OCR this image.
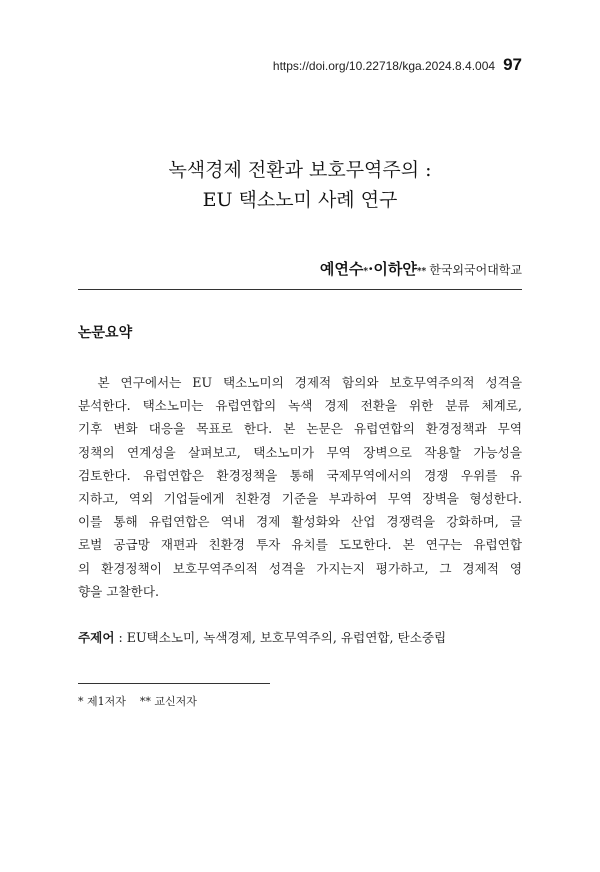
https://doi.org/10.22718/kga.2024.8.4.004 97
녹색경제 전환과 보호무역주의 :
EU 택소노미 사례 연구
예연수 * · 이하얀 ** 한국외국어대학교
논문요약
　본 연구에서는 EU 택소노미의 경제적 함의와 보호무역주의적 성격을
분석한다. 택소노미는 유럽연합의 녹색 경제 전환을 위한 분류 체계로,
기후 변화 대응을 목표로 한다. 본 논문은 유럽연합의 환경정책과 무역
정책의 연계성을 살펴보고, 택소노미가 무역 장벽으로 작용할 가능성을
검토한다. 유럽연합은 환경정책을 통해 국제무역에서의 경쟁 우위를 유
지하고, 역외 기업들에게 친환경 기준을 부과하여 무역 장벽을 형성한다.
이를 통해 유럽연합은 역내 경제 활성화와 산업 경쟁력을 강화하며, 글
로벌 공급망 재편과 친환경 투자 유치를 도모한다. 본 연구는 유럽연합
의 환경정책이 보호무역주의적 성격을 가지는지 평가하고, 그 경제적 영
향을 고찰한다.
주제어 : EU택소노미, 녹색경제, 보호무역주의, 유럽연합, 탄소중립
* 제1저자 ** 교신저자
